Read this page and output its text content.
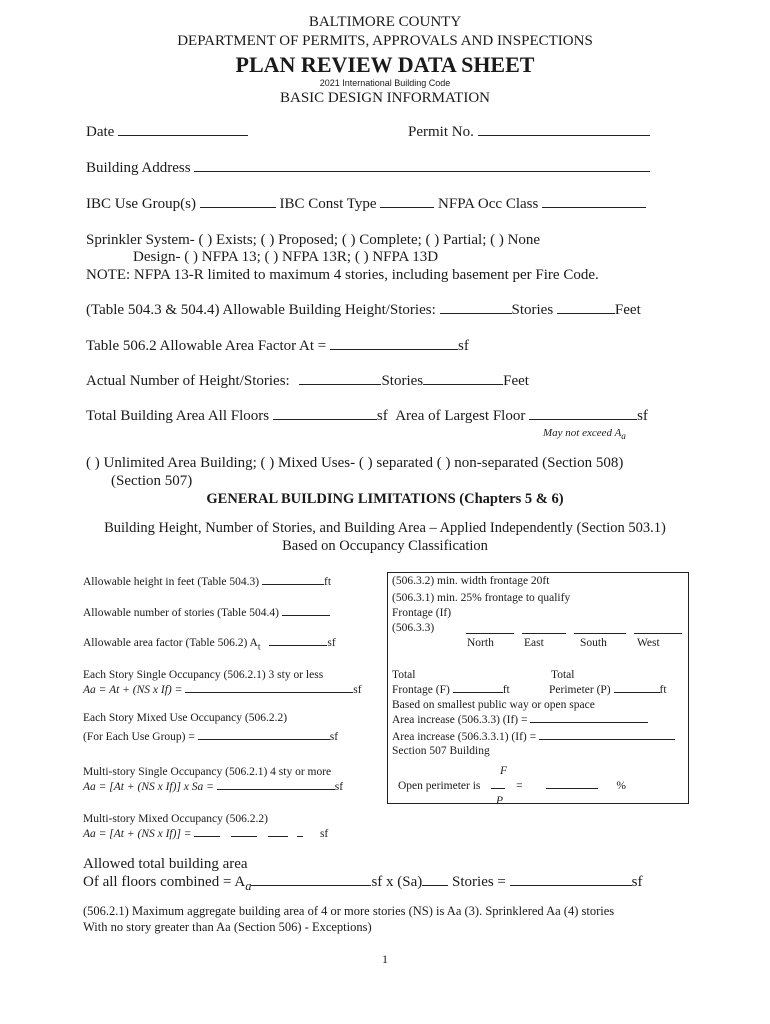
BALTIMORE COUNTY
DEPARTMENT OF PERMITS, APPROVALS AND INSPECTIONS
PLAN REVIEW DATA SHEET
2021 International Building Code
BASIC DESIGN INFORMATION
Date	Permit No.
Building Address
IBC Use Group(s)	IBC Const Type	NFPA Occ Class
Sprinkler System- ( ) Exists; ( ) Proposed; ( ) Complete; ( ) Partial; ( ) None
Design- ( ) NFPA 13; ( ) NFPA 13R; ( ) NFPA 13D
NOTE: NFPA 13-R limited to maximum 4 stories, including basement per Fire Code.
(Table 504.3 & 504.4) Allowable Building Height/Stories:	Stories	Feet
Table 506.2 Allowable Area Factor At =	sf
Actual Number of Height/Stories:	Stories	Feet
Total Building Area All Floors	sf Area of Largest Floor	sf
May not exceed $A_a$
( ) Unlimited Area Building; ( ) Mixed Uses- ( ) separated ( ) non-separated (Section 508)
(Section 507)
GENERAL BUILDING LIMITATIONS (Chapters 5 & 6)
Building Height, Number of Stories, and Building Area – Applied Independently (Section 503.1)
Based on Occupancy Classification
Allowable height in feet (Table 504.3)	ft
Allowable number of stories (Table 504.4)
Allowable area factor (Table 506.2) $A_t$	sf
Each Story Single Occupancy (506.2.1) 3 sty or less
Aa = At + (NS x If) =	sf
Each Story Mixed Use Occupancy (506.2.2)
(For Each Use Group) =	sf
Multi-story Single Occupancy (506.2.1) 4 sty or more
Aa = [At + (NS x If)] x Sa =	sf
Multi-story Mixed Occupancy (506.2.2)
Aa = [At + (NS x If)] =	sf
(506.3.2) min. width frontage 20ft
(506.3.1) min. 25% frontage to qualify
Frontage (If)
(506.3.3)
North	East	South	West
Total	Total
Frontage (F)	ft	Perimeter (P)	ft
Based on smallest public way or open space
Area increase (506.3.3) (If) =
Area increase (506.3.3.1) (If) =
Section 507 Building
F
Open perimeter is	=	%
P
Allowed total building area
Of all floors combined = $A_a$	sf x (Sa) Stories =	sf
(506.2.1) Maximum aggregate building area of 4 or more stories (NS) is Aa (3). Sprinklered Aa (4) stories
With no story greater than Aa (Section 506) - Exceptions)
1
